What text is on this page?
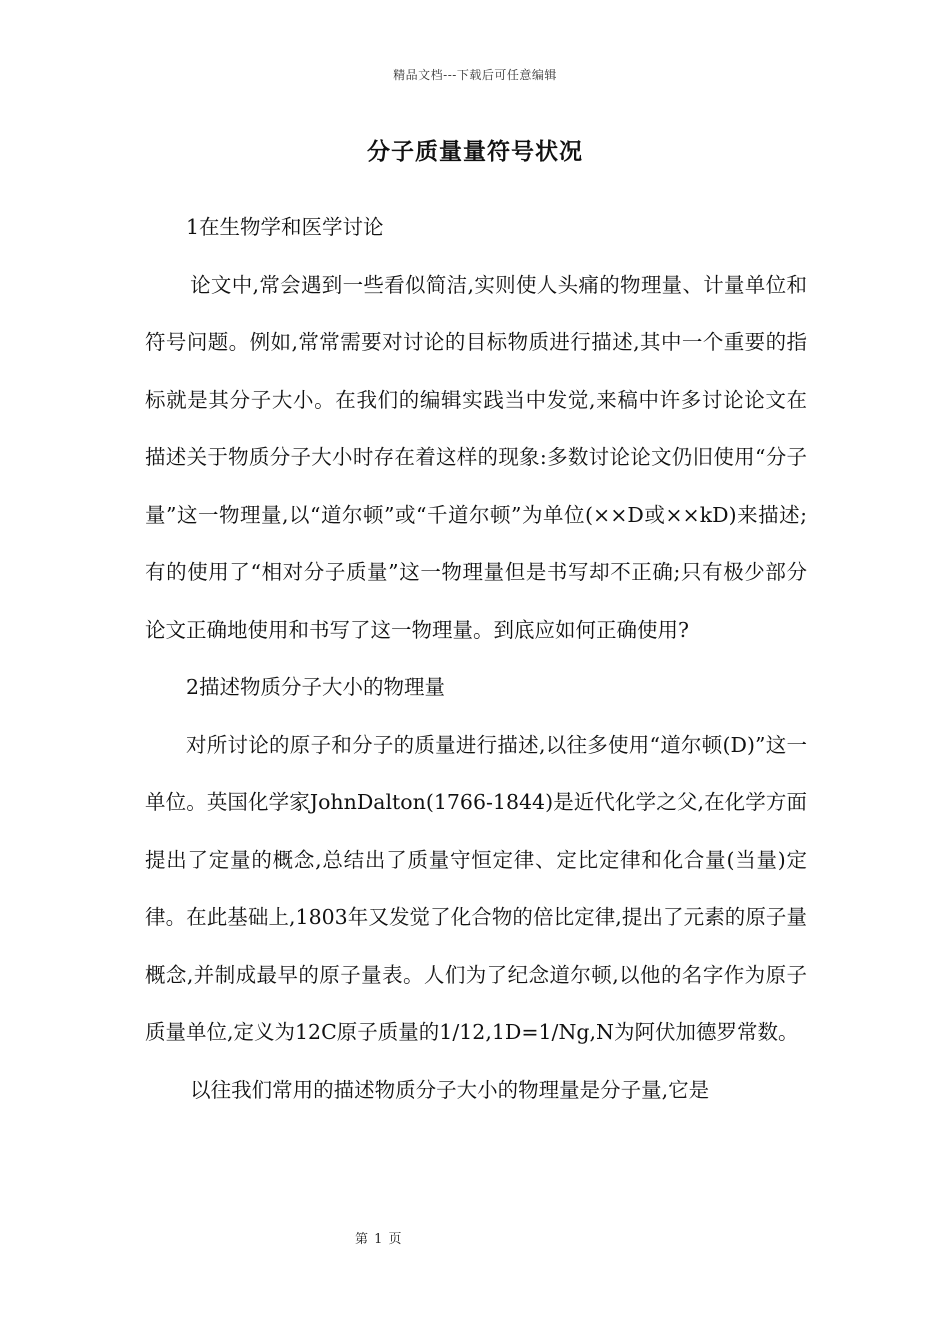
精品文档---下载后可任意编辑
分子质量量符号状况

1在生物学和医学讨论

论文中,常会遇到一些看似简洁,实则使人头痛的物理量、计量单位和符号问题。例如,常常需要对讨论的目标物质进行描述,其中一个重要的指标就是其分子大小。在我们的编辑实践当中发觉,来稿中许多讨论论文在描述关于物质分子大小时存在着这样的现象:多数讨论论文仍旧使用“分子量”这一物理量,以“道尔顿”或“千道尔顿”为单位(××D或××kD)来描述;有的使用了“相对分子质量”这一物理量但是书写却不正确;只有极少部分论文正确地使用和书写了这一物理量。到底应如何正确使用?

2描述物质分子大小的物理量

对所讨论的原子和分子的质量进行描述,以往多使用“道尔顿(D)”这一单位。英国化学家JohnDalton(1766-1844)是近代化学之父,在化学方面提出了定量的概念,总结出了质量守恒定律、定比定律和化合量(当量)定律。在此基础上,1803年又发觉了化合物的倍比定律,提出了元素的原子量概念,并制成最早的原子量表。人们为了纪念道尔顿,以他的名字作为原子质量单位,定义为12C原子质量的1/12,1D=1/Ng,N为阿伏加德罗常数。

以往我们常用的描述物质分子大小的物理量是分子量,它是

第 1 页
